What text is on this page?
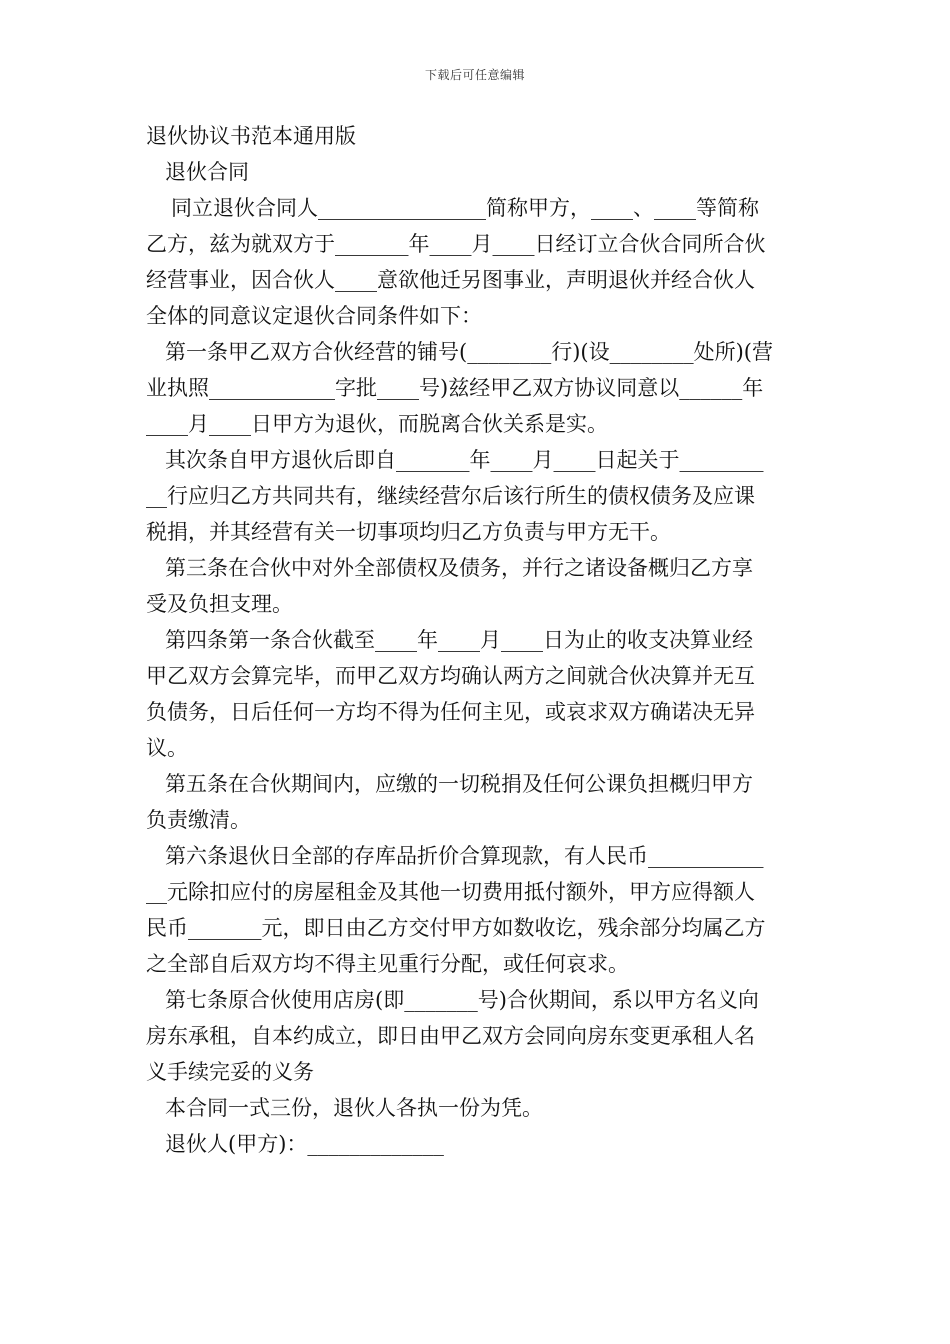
下载后可任意编辑
退伙协议书范本通用版
退伙合同
同立退伙合同人________________简称甲方，____、____等简称
乙方，兹为就双方于_______年____月____日经订立合伙合同所合伙
经营事业，因合伙人____意欲他迁另图事业，声明退伙并经合伙人
全体的同意议定退伙合同条件如下：
第一条甲乙双方合伙经营的铺号(________行)(设________处所)(营
业执照____________字批____号)兹经甲乙双方协议同意以______年
____月____日甲方为退伙，而脱离合伙关系是实。
其次条自甲方退伙后即自_______年____月____日起关于________
__行应归乙方共同共有，继续经营尔后该行所生的债权债务及应课
税捐，并其经营有关一切事项均归乙方负责与甲方无干。
第三条在合伙中对外全部债权及债务，并行之诸设备概归乙方享
受及负担支理。
第四条第一条合伙截至____年____月____日为止的收支决算业经
甲乙双方会算完毕，而甲乙双方均确认两方之间就合伙决算并无互
负债务，日后任何一方均不得为任何主见，或哀求双方确诺决无异
议。
第五条在合伙期间内，应缴的一切税捐及任何公课负担概归甲方
负责缴清。
第六条退伙日全部的存库品折价合算现款，有人民币___________
__元除扣应付的房屋租金及其他一切费用抵付额外，甲方应得额人
民币_______元，即日由乙方交付甲方如数收讫，残余部分均属乙方
之全部自后双方均不得主见重行分配，或任何哀求。
第七条原合伙使用店房(即_______号)合伙期间，系以甲方名义向
房东承租，自本约成立，即日由甲乙双方会同向房东变更承租人名
义手续完妥的义务
本合同一式三份，退伙人各执一份为凭。
退伙人(甲方)：_____________
